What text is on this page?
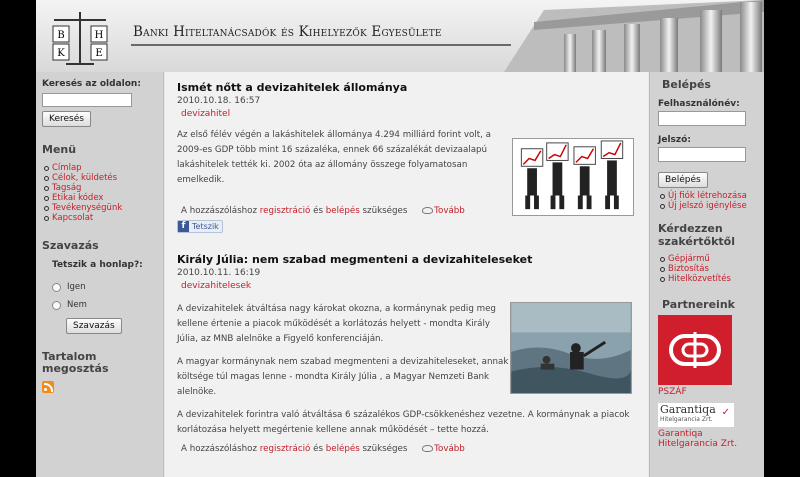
B	H
K	E
Banki Hiteltanácsadók és Kihelyezők Egyesülete
Keresés az oldalon:
Keresés
Menü
Címlap
Célok, küldetés
Tagság
Etikai kódex
Tevékenységünk
Kapcsolat
Szavazás
Tetszik a honlap?:
Igen
Nem
Szavazás
Tartalom megosztás
Ismét nőtt a devizahitelek állománya
2010.10.18. 16:57
devizahitel

Az első félév végén a lakáshitelek állománya 4.294 milliárd forint volt, a 2009-es GDP több mint 16 százaléka, ennek 66 százalékát devizaalapú lakáshitelek tették ki. 2002 óta az állomány összege folyamatosan emelkedik.

A hozzászóláshoz regisztráció és belépés szükséges	Tovább
f Tetszik
Király Júlia: nem szabad megmenteni a devizahiteleseket
2010.10.11. 16:19
devizahitelesek

A devizahitelek átváltása nagy károkat okozna, a kormánynak pedig meg kellene értenie a piacok működését a korlátozás helyett - mondta Király Júlia, az MNB alelnöke a Figyelő konferenciáján.

A magyar kormánynak nem szabad megmenteni a devizahiteleseket, annak költsége túl magas lenne - mondta Király Júlia , a Magyar Nemzeti Bank alelnöke.

A devizahitelek forintra való átváltása 6 százalékos GDP-csökkenéshez vezetne. A kormánynak a piacok korlátozása helyett megértenie kellene annak működését – tette hozzá.

A hozzászóláshoz regisztráció és belépés szükséges	Tovább
Belépés
Felhasználónév:
Jelszó:
Belépés
Új fiók létrehozása
Új jelszó igénylése
Kérdezzen szakértőktől
Gépjármű
Biztosítás
Hitelközvetítés
Partnereink
PSZÁF
Garantiqa
Hitelgarancia Zrt.
✓
Garantiqa Hitelgarancia Zrt.
